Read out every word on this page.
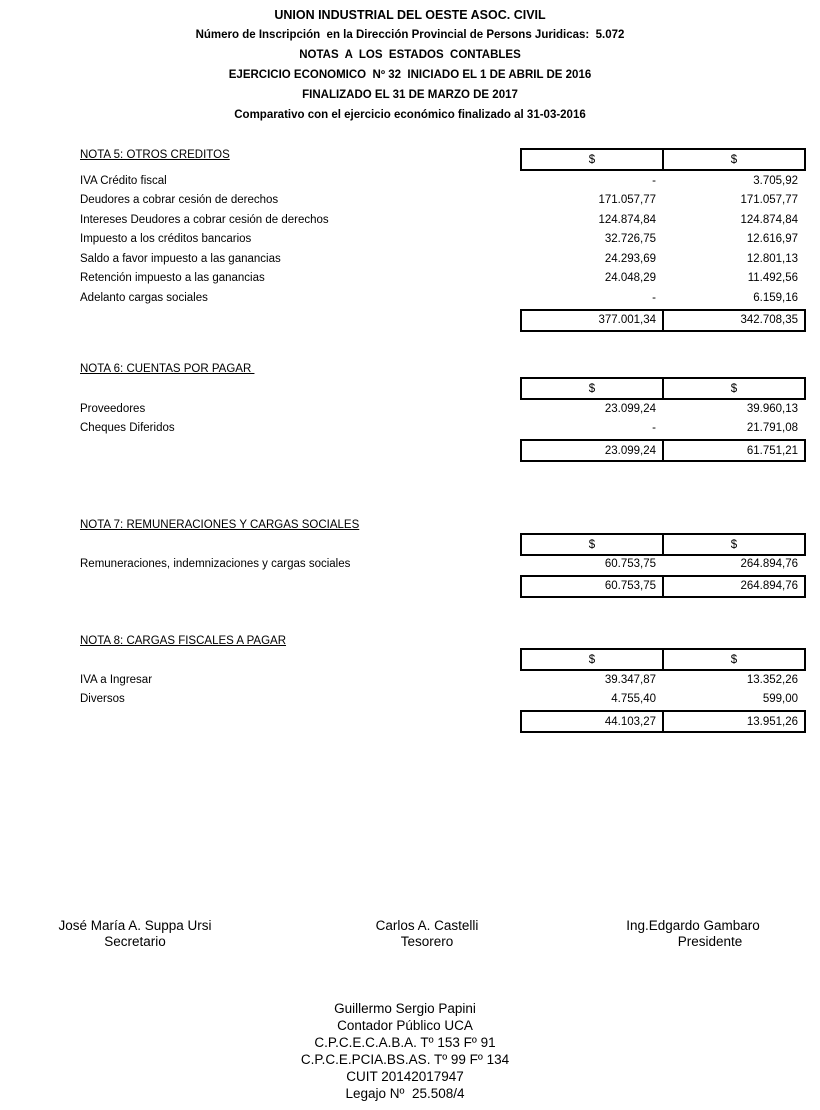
UNION INDUSTRIAL DEL OESTE ASOC. CIVIL
Número de Inscripción  en la Dirección Provincial de Persons Juridicas:  5.072
NOTAS  A  LOS  ESTADOS  CONTABLES
EJERCICIO ECONOMICO  Nº 32  INICIADO EL 1 DE ABRIL DE 2016
FINALIZADO EL 31 DE MARZO DE 2017
Comparativo con el ejercicio económico finalizado al 31-03-2016
NOTA 5: OTROS CREDITOS	$	$
IVA Crédito fiscal	-	3.705,92
Deudores a cobrar cesión de derechos	171.057,77	171.057,77
Intereses Deudores a cobrar cesión de derechos	124.874,84	124.874,84
Impuesto a los créditos bancarios	32.726,75	12.616,97
Saldo a favor impuesto a las ganancias	24.293,69	12.801,13
Retención impuesto a las ganancias	24.048,29	11.492,56
Adelanto cargas sociales	-	6.159,16
377.001,34	342.708,35
NOTA 6: CUENTAS POR PAGAR
$	$
Proveedores	23.099,24	39.960,13
Cheques Diferidos	-	21.791,08
23.099,24	61.751,21
NOTA 7: REMUNERACIONES Y CARGAS SOCIALES
$	$
Remuneraciones, indemnizaciones y cargas sociales	60.753,75	264.894,76
60.753,75	264.894,76
NOTA 8: CARGAS FISCALES A PAGAR
$	$
IVA a Ingresar	39.347,87	13.352,26
Diversos	4.755,40	599,00
44.103,27	13.951,26
José María A. Suppa Ursi
Secretario
Carlos A. Castelli
Tesorero
Ing.Edgardo Gambaro
Presidente
Guillermo Sergio Papini
Contador Público UCA
C.P.C.E.C.A.B.A. Tº 153 Fº 91
C.P.C.E.PCIA.BS.AS. Tº 99 Fº 134
CUIT 20142017947
Legajo Nº  25.508/4
